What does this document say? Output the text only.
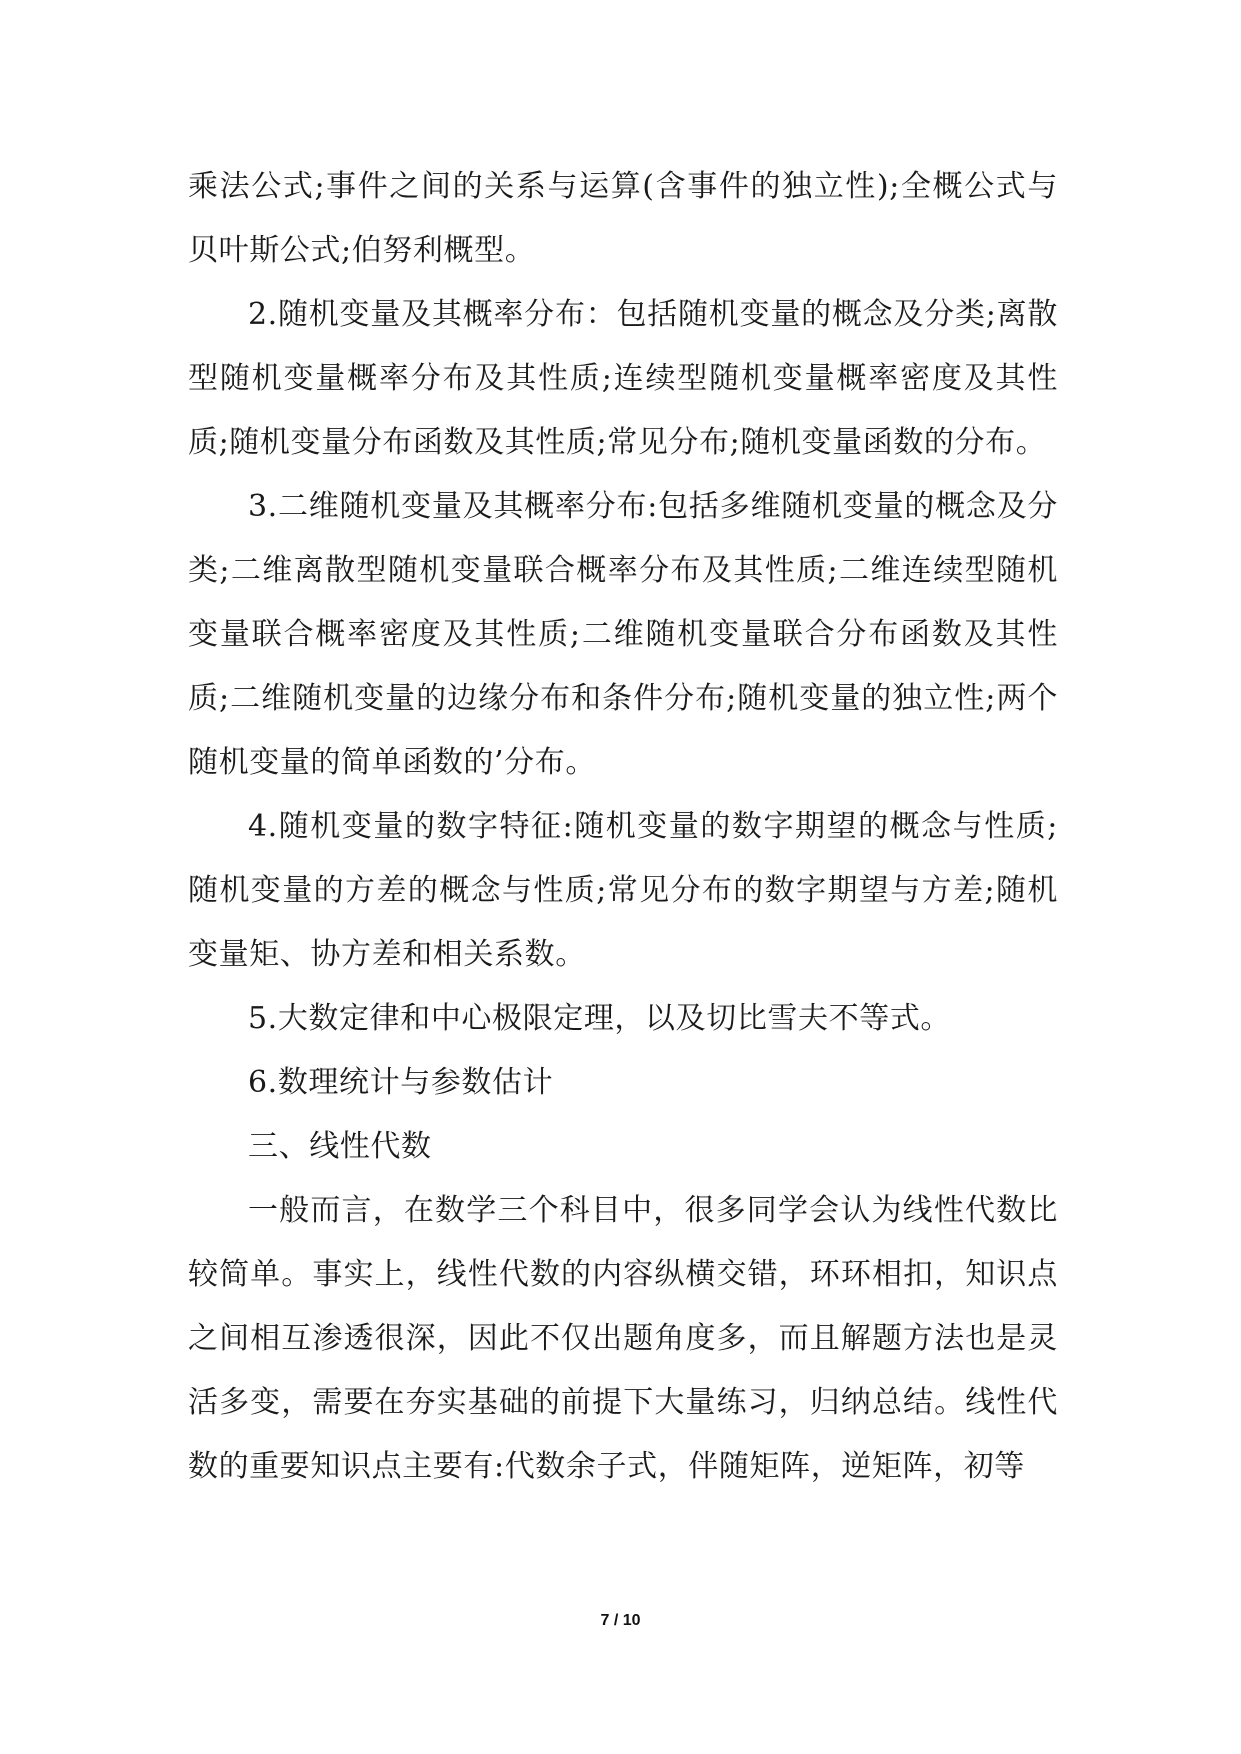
乘法公式;事件之间的关系与运算(含事件的独立性);全概公式与贝叶斯公式;伯努利概型。

2.随机变量及其概率分布：包括随机变量的概念及分类;离散型随机变量概率分布及其性质;连续型随机变量概率密度及其性质;随机变量分布函数及其性质;常见分布;随机变量函数的分布。

3.二维随机变量及其概率分布:包括多维随机变量的概念及分类;二维离散型随机变量联合概率分布及其性质;二维连续型随机变量联合概率密度及其性质;二维随机变量联合分布函数及其性质;二维随机变量的边缘分布和条件分布;随机变量的独立性;两个随机变量的简单函数的’分布。

4.随机变量的数字特征:随机变量的数字期望的概念与性质;随机变量的方差的概念与性质;常见分布的数字期望与方差;随机变量矩、协方差和相关系数。

5.大数定律和中心极限定理，以及切比雪夫不等式。

6.数理统计与参数估计

三、线性代数

一般而言，在数学三个科目中，很多同学会认为线性代数比较简单。事实上，线性代数的内容纵横交错，环环相扣，知识点之间相互渗透很深，因此不仅出题角度多，而且解题方法也是灵活多变，需要在夯实基础的前提下大量练习，归纳总结。线性代数的重要知识点主要有:代数余子式，伴随矩阵，逆矩阵，初等

7 / 10
